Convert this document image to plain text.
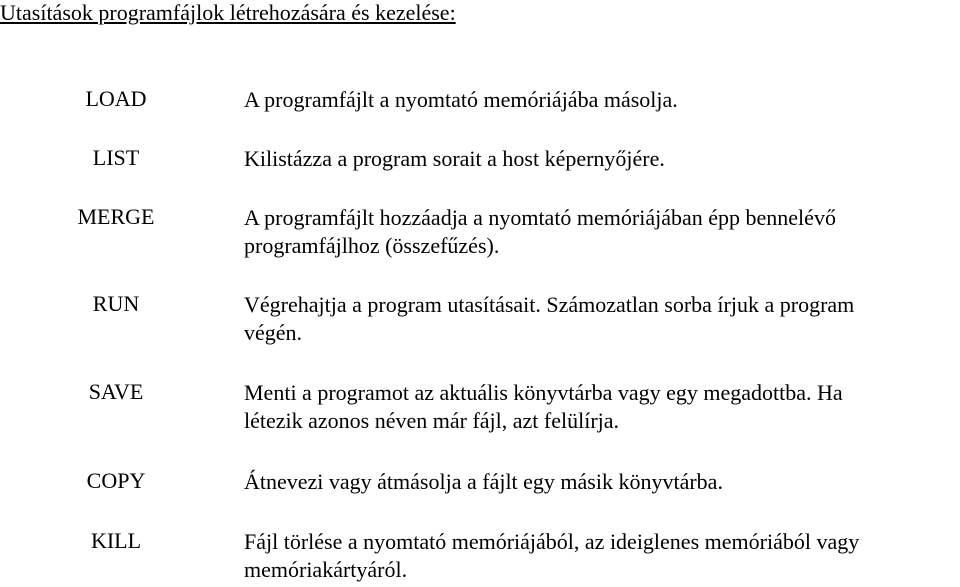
Utasítások programfájlok létrehozására és kezelése:
LOAD	A programfájlt a nyomtató memóriájába másolja.
LIST	Kilistázza a program sorait a host képernyőjére.
MERGE	A programfájlt hozzáadja a nyomtató memóriájában épp bennelévő
programfájlhoz (összefűzés).
RUN	Végrehajtja a program utasításait. Számozatlan sorba írjuk a program
végén.
SAVE	Menti a programot az aktuális könyvtárba vagy egy megadottba. Ha
létezik azonos néven már fájl, azt felülírja.
COPY	Átnevezi vagy átmásolja a fájlt egy másik könyvtárba.
KILL	Fájl törlése a nyomtató memóriájából, az ideiglenes memóriából vagy
memóriakártyáról.
